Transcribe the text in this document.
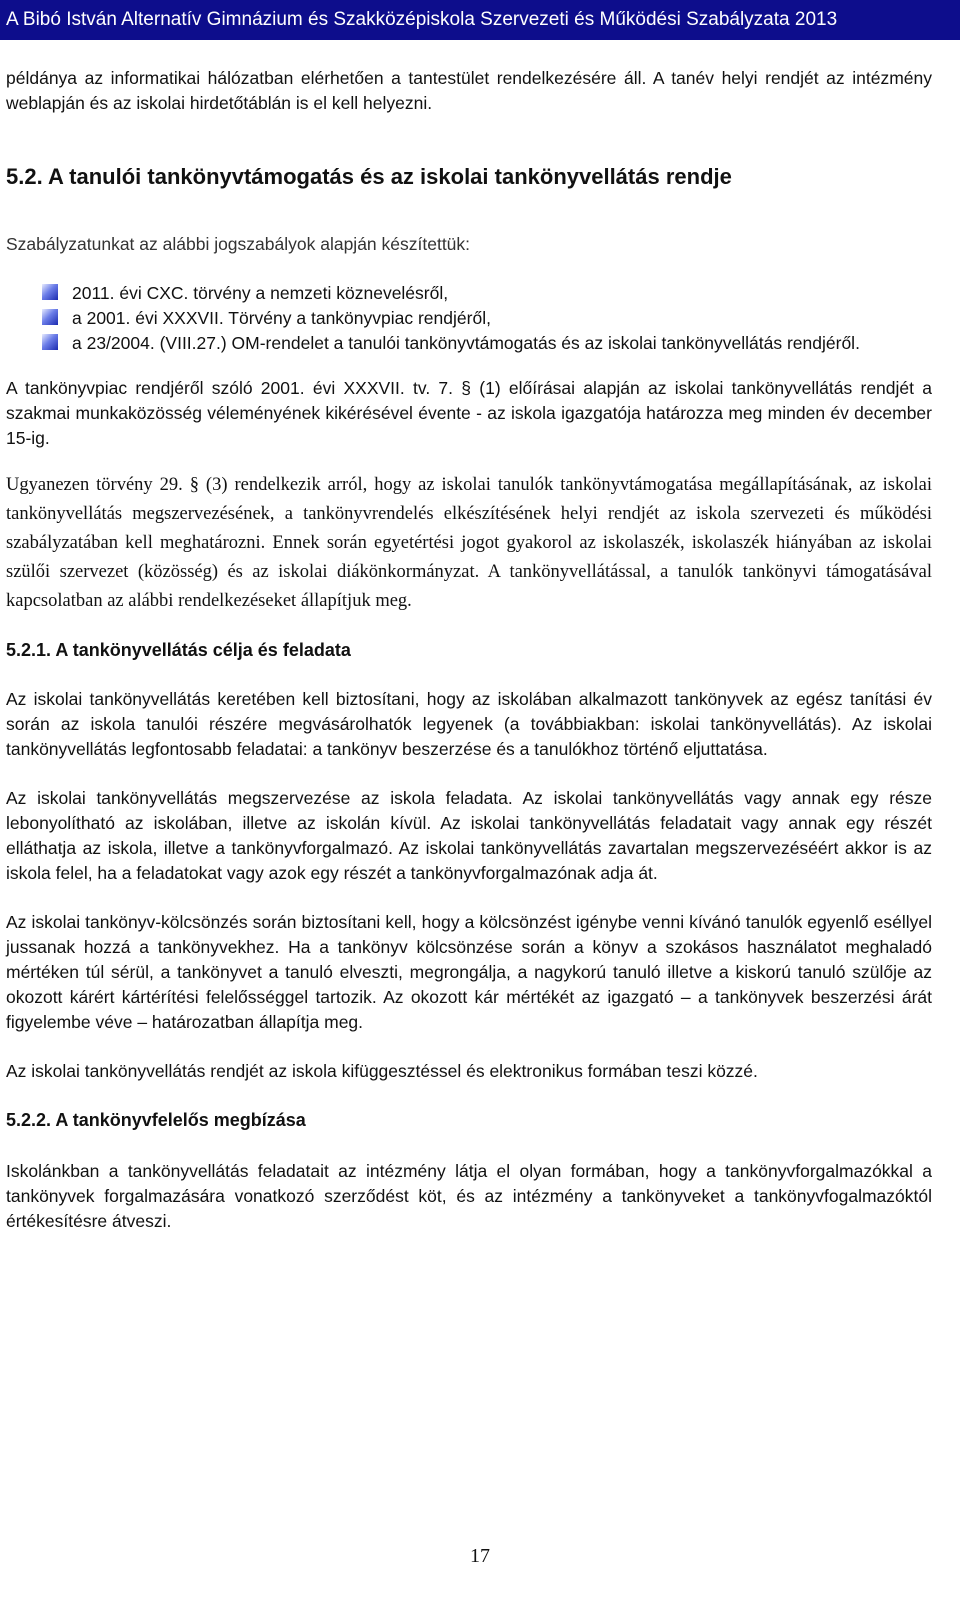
A Bibó István Alternatív Gimnázium és Szakközépiskola Szervezeti és Működési Szabályzata 2013

példánya az informatikai hálózatban elérhetően a tantestület rendelkezésére áll. A tanév helyi rendjét az intézmény weblapján és az iskolai hirdetőtáblán is el kell helyezni.

5.2. A tanulói tankönyvtámogatás és az iskolai tankönyvellátás rendje

Szabályzatunkat az alábbi jogszabályok alapján készítettük:

2011. évi CXC. törvény a nemzeti köznevelésről,
a 2001. évi XXXVII. Törvény a tankönyvpiac rendjéről,
a 23/2004. (VIII.27.) OM-rendelet a tanulói tankönyvtámogatás és az iskolai tankönyvellátás rendjéről.

A tankönyvpiac rendjéről szóló 2001. évi XXXVII. tv. 7. § (1) előírásai alapján az iskolai tankönyvellátás rendjét a szakmai munkaközösség véleményének kikérésével évente - az iskola igazgatója határozza meg minden év december 15-ig.

Ugyanezen törvény 29. § (3) rendelkezik arról, hogy az iskolai tanulók tankönyvtámogatása megállapításának, az iskolai tankönyvellátás megszervezésének, a tankönyvrendelés elkészítésének helyi rendjét az iskola szervezeti és működési szabályzatában kell meghatározni. Ennek során egyetértési jogot gyakorol az iskolaszék, iskolaszék hiányában az iskolai szülői szervezet (közösség) és az iskolai diákönkormányzat. A tankönyvellátással, a tanulók tankönyvi támogatásával kapcsolatban az alábbi rendelkezéseket állapítjuk meg.

5.2.1. A tankönyvellátás célja és feladata

Az iskolai tankönyvellátás keretében kell biztosítani, hogy az iskolában alkalmazott tankönyvek az egész tanítási év során az iskola tanulói részére megvásárolhatók legyenek (a továbbiakban: iskolai tankönyvellátás). Az iskolai tankönyvellátás legfontosabb feladatai: a tankönyv beszerzése és a tanulókhoz történő eljuttatása.

Az iskolai tankönyvellátás megszervezése az iskola feladata. Az iskolai tankönyvellátás vagy annak egy része lebonyolítható az iskolában, illetve az iskolán kívül. Az iskolai tankönyvellátás feladatait vagy annak egy részét elláthatja az iskola, illetve a tankönyvforgalmazó. Az iskolai tankönyvellátás zavartalan megszervezéséért akkor is az iskola felel, ha a feladatokat vagy azok egy részét a tankönyvforgalmazónak adja át.

Az iskolai tankönyv-kölcsönzés során biztosítani kell, hogy a kölcsönzést igénybe venni kívánó tanulók egyenlő eséllyel jussanak hozzá a tankönyvekhez. Ha a tankönyv kölcsönzése során a könyv a szokásos használatot meghaladó mértéken túl sérül, a tankönyvet a tanuló elveszti, megrongálja, a nagykorú tanuló illetve a kiskorú tanuló szülője az okozott kárért kártérítési felelősséggel tartozik. Az okozott kár mértékét az igazgató – a tankönyvek beszerzési árát figyelembe véve – határozatban állapítja meg.

Az iskolai tankönyvellátás rendjét az iskola kifüggesztéssel és elektronikus formában teszi közzé.

5.2.2. A tankönyvfelelős megbízása

Iskolánkban a tankönyvellátás feladatait az intézmény látja el olyan formában, hogy a tankönyvforgalmazókkal a tankönyvek forgalmazására vonatkozó szerződést köt, és az intézmény a tankönyveket a tankönyvfogalmazóktól értékesítésre átveszi.

17
